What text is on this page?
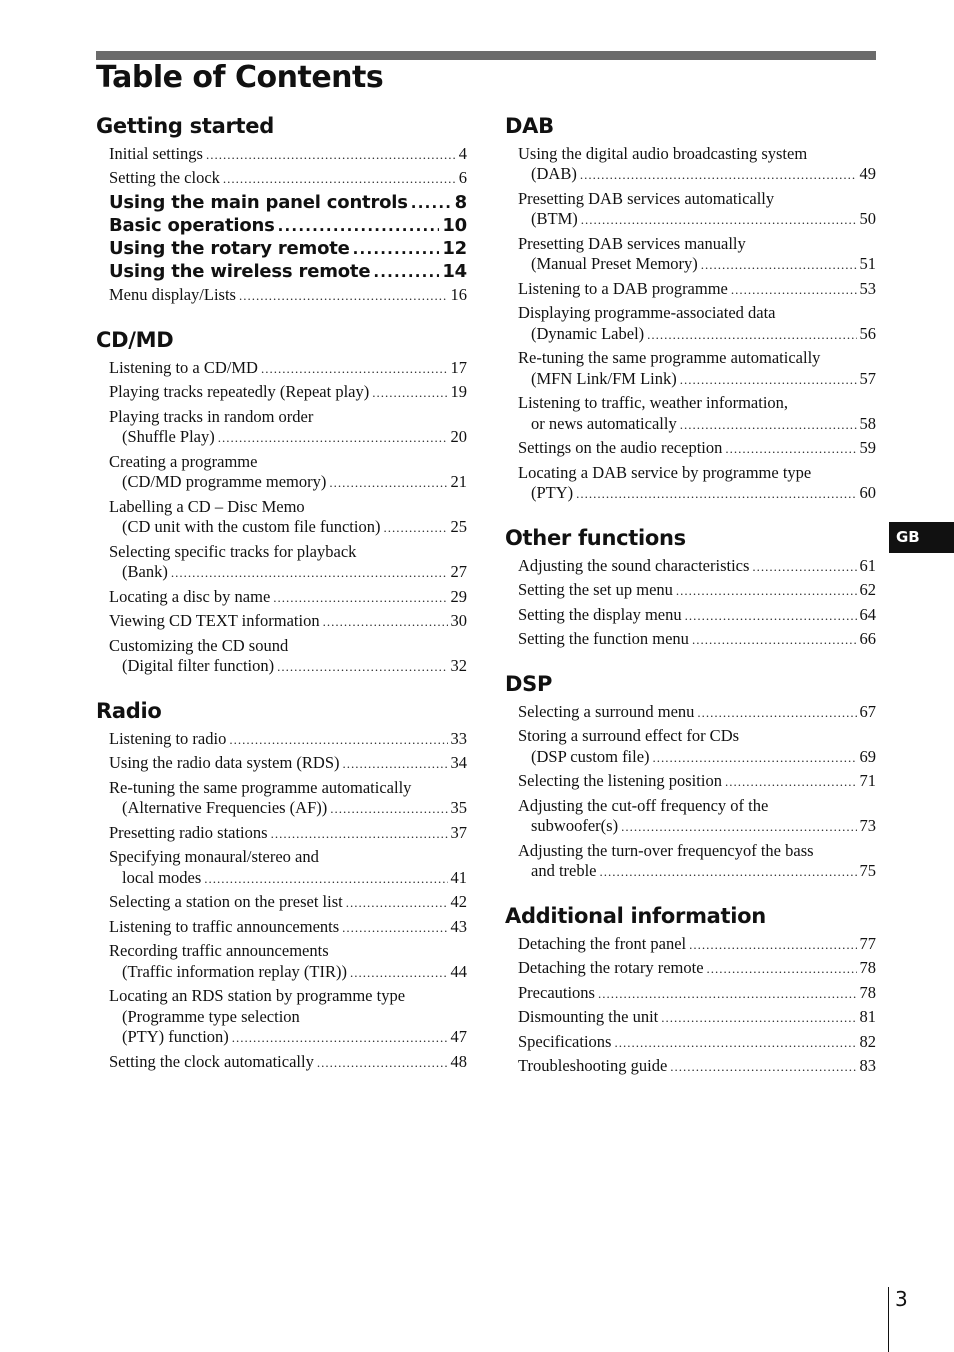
Table of Contents
Getting started
Initial settings .....	4
Setting the clock .....	6
Using the main panel controls .....	8
Basic operations .....	10
Using the rotary remote .....	12
Using the wireless remote .....	14
Menu display/Lists .....	16
CD/MD
Listening to a CD/MD .....	17
Playing tracks repeatedly (Repeat play) .....	19
Playing tracks in random order
(Shuffle Play) .....	20
Creating a programme
(CD/MD programme memory) .....	21
Labelling a CD – Disc Memo
(CD unit with the custom file function) .....	25
Selecting specific tracks for playback
(Bank) .....	27
Locating a disc by name .....	29
Viewing CD TEXT information .....	30
Customizing the CD sound
(Digital filter function) .....	32
Radio
Listening to radio .....	33
Using the radio data system (RDS) .....	34
Re-tuning the same programme automatically
(Alternative Frequencies (AF)) .....	35
Presetting radio stations .....	37
Specifying monaural/stereo and
local modes .....	41
Selecting a station on the preset list .....	42
Listening to traffic announcements .....	43
Recording traffic announcements
(Traffic information replay (TIR)) .....	44
Locating an RDS station by programme type
(Programme type selection
(PTY) function) .....	47
Setting the clock automatically .....	48
DAB
Using the digital audio broadcasting system
(DAB) .....	49
Presetting DAB services automatically
(BTM) .....	50
Presetting DAB services manually
(Manual Preset Memory) .....	51
Listening to a DAB programme .....	53
Displaying programme-associated data
(Dynamic Label) .....	56
Re-tuning the same programme automatically
(MFN Link/FM Link) .....	57
Listening to traffic, weather information,
or news automatically .....	58
Settings on the audio reception .....	59
Locating a DAB service by programme type
(PTY) .....	60
Other functions
Adjusting the sound characteristics .....	61
Setting the set up menu .....	62
Setting the display menu .....	64
Setting the function menu .....	66
DSP
Selecting a surround menu .....	67
Storing a surround effect for CDs
(DSP custom file) .....	69
Selecting the listening position .....	71
Adjusting the cut-off frequency of the
subwoofer(s) .....	73
Adjusting the turn-over frequencyof the bass
and treble .....	75
Additional information
Detaching the front panel .....	77
Detaching the rotary remote .....	78
Precautions .....	78
Dismounting the unit .....	81
Specifications .....	82
Troubleshooting guide .....	83
GB
3
